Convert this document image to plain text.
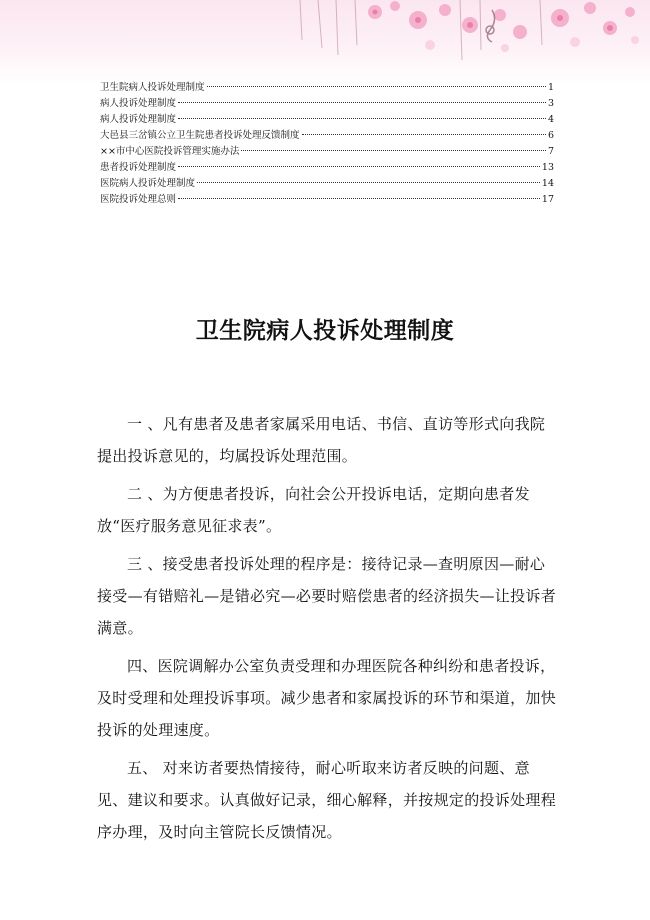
卫生院病人投诉处理制度	1
病人投诉处理制度	3
病人投诉处理制度	4
大邑县三岔镇公立卫生院患者投诉处理反馈制度	6
××市中心医院投诉管理实施办法	7
患者投诉处理制度	13
医院病人投诉处理制度	14
医院投诉处理总则	17
卫生院病人投诉处理制度

一 、凡有患者及患者家属采用电话、书信、直访等形式向我院提出投诉意见的，均属投诉处理范围。

二 、为方便患者投诉，向社会公开投诉电话，定期向患者发放“医疗服务意见征求表”。

三 、接受患者投诉处理的程序是：接待记录—查明原因—耐心接受—有错赔礼—是错必究—必要时赔偿患者的经济损失—让投诉者满意。

四、医院调解办公室负责受理和办理医院各种纠纷和患者投诉，及时受理和处理投诉事项。减少患者和家属投诉的环节和渠道，加快投诉的处理速度。

五、 对来访者要热情接待，耐心听取来访者反映的问题、意见、建议和要求。认真做好记录，细心解释，并按规定的投诉处理程序办理，及时向主管院长反馈情况。
